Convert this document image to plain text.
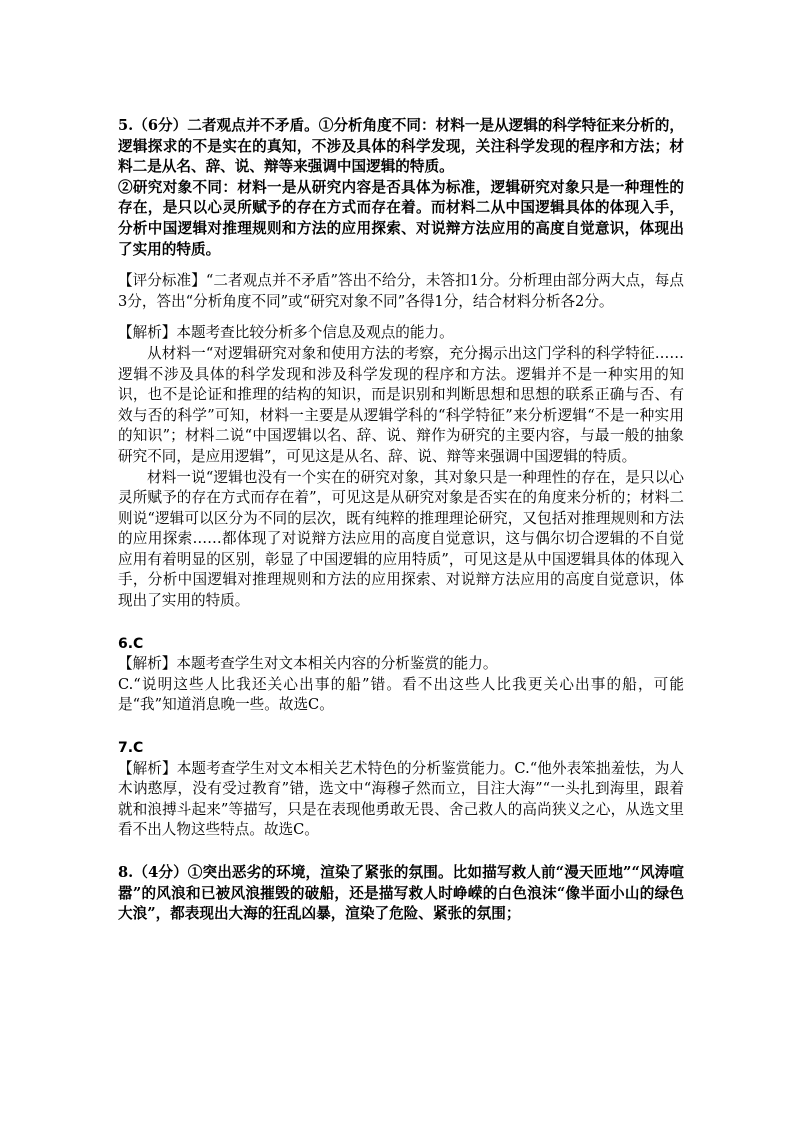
5.（6分）二者观点并不矛盾。①分析角度不同：材料一是从逻辑的科学特征来分析的，逻辑探求的不是实在的真知，不涉及具体的科学发现，关注科学发现的程序和方法；材料二是从名、辞、说、辩等来强调中国逻辑的特质。

②研究对象不同：材料一是从研究内容是否具体为标准，逻辑研究对象只是一种理性的存在，是只以心灵所赋予的存在方式而存在着。而材料二从中国逻辑具体的体现入手，分析中国逻辑对推理规则和方法的应用探索、对说辩方法应用的高度自觉意识，体现出了实用的特质。

【评分标准】“二者观点并不矛盾”答出不给分，未答扣1分。分析理由部分两大点，每点3分，答出“分析角度不同”或“研究对象不同”各得1分，结合材料分析各2分。

【解析】本题考查比较分析多个信息及观点的能力。

从材料一“对逻辑研究对象和使用方法的考察，充分揭示出这门学科的科学特征……逻辑不涉及具体的科学发现和涉及科学发现的程序和方法。逻辑并不是一种实用的知识，也不是论证和推理的结构的知识，而是识别和判断思想和思想的联系正确与否、有效与否的科学”可知，材料一主要是从逻辑学科的“科学特征”来分析逻辑“不是一种实用的知识”；材料二说“中国逻辑以名、辞、说、辩作为研究的主要内容，与最一般的抽象研究不同，是应用逻辑”，可见这是从名、辞、说、辩等来强调中国逻辑的特质。

材料一说“逻辑也没有一个实在的研究对象，其对象只是一种理性的存在，是只以心灵所赋予的存在方式而存在着”，可见这是从研究对象是否实在的角度来分析的；材料二则说“逻辑可以区分为不同的层次，既有纯粹的推理理论研究，又包括对推理规则和方法的应用探索……都体现了对说辩方法应用的高度自觉意识，这与偶尔切合逻辑的不自觉应用有着明显的区别，彰显了中国逻辑的应用特质”，可见这是从中国逻辑具体的体现入手，分析中国逻辑对推理规则和方法的应用探索、对说辩方法应用的高度自觉意识，体现出了实用的特质。

6.C

【解析】本题考查学生对文本相关内容的分析鉴赏的能力。

C.“说明这些人比我还关心出事的船”错。看不出这些人比我更关心出事的船，可能是“我”知道消息晚一些。故选C。

7.C

【解析】本题考查学生对文本相关艺术特色的分析鉴赏能力。C.“他外表笨拙羞怯，为人木讷憨厚，没有受过教育”错，选文中“海穆孑然而立，目注大海”“一头扎到海里，跟着就和浪搏斗起来”等描写，只是在表现他勇敢无畏、舍己救人的高尚狭义之心，从选文里看不出人物这些特点。故选C。

8.（4分）①突出恶劣的环境，渲染了紧张的氛围。比如描写救人前“漫天匝地”“风涛喧嚣”的风浪和已被风浪摧毁的破船，还是描写救人时峥嵘的白色浪沫“像半面小山的绿色大浪”，都表现出大海的狂乱凶暴，渲染了危险、紧张的氛围；
